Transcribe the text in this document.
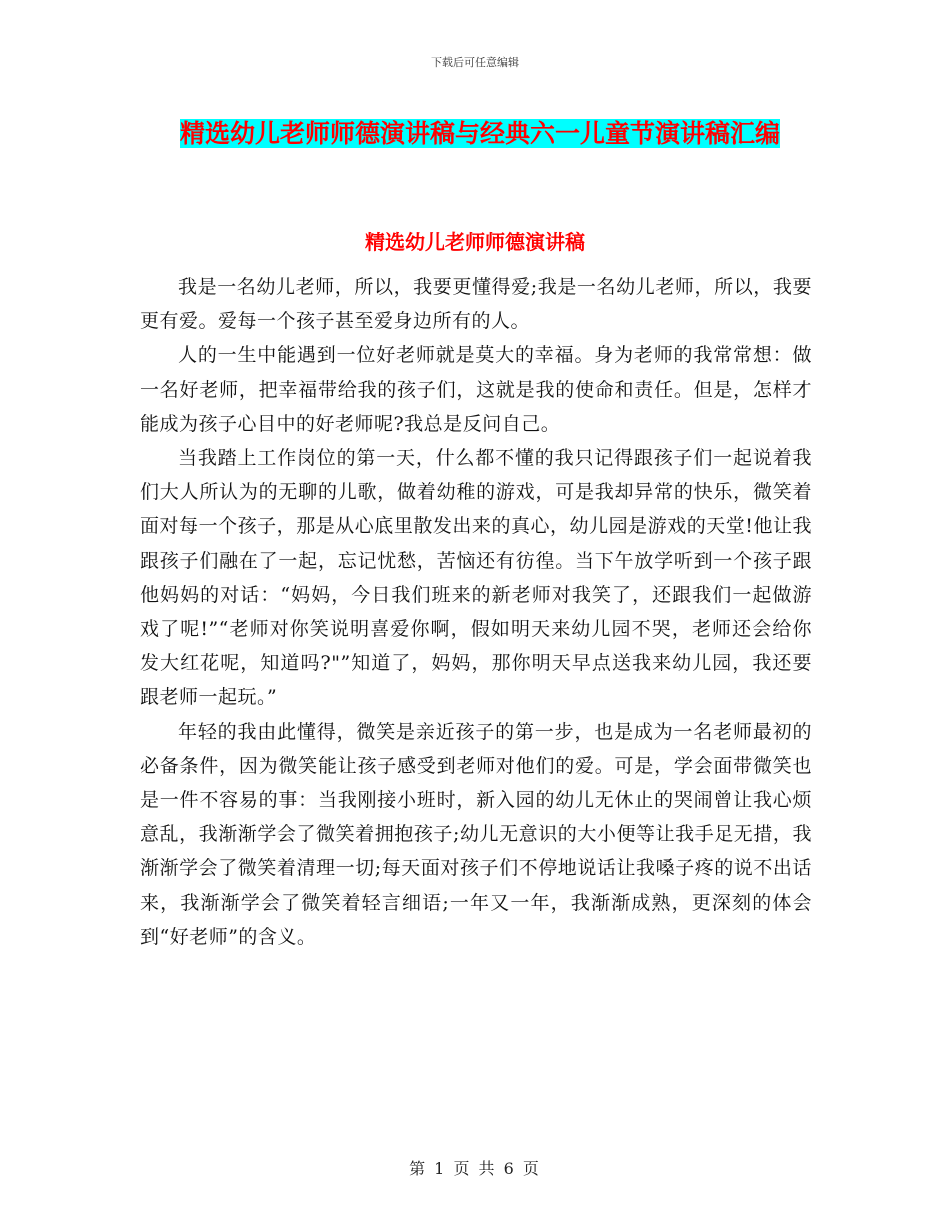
下载后可任意编辑
精选幼儿老师师德演讲稿与经典六一儿童节演讲稿汇编
精选幼儿老师师德演讲稿

我是一名幼儿老师，所以，我要更懂得爱;我是一名幼儿老师，所以，我要更有爱。爱每一个孩子甚至爱身边所有的人。

人的一生中能遇到一位好老师就是莫大的幸福。身为老师的我常常想：做一名好老师，把幸福带给我的孩子们，这就是我的使命和责任。但是，怎样才能成为孩子心目中的好老师呢?我总是反问自己。

当我踏上工作岗位的第一天，什么都不懂的我只记得跟孩子们一起说着我们大人所认为的无聊的儿歌，做着幼稚的游戏，可是我却异常的快乐，微笑着面对每一个孩子，那是从心底里散发出来的真心，幼儿园是游戏的天堂!他让我跟孩子们融在了一起，忘记忧愁，苦恼还有彷徨。当下午放学听到一个孩子跟他妈妈的对话：“妈妈，今日我们班来的新老师对我笑了，还跟我们一起做游戏了呢!”“老师对你笑说明喜爱你啊，假如明天来幼儿园不哭，老师还会给你发大红花呢，知道吗?"”知道了，妈妈，那你明天早点送我来幼儿园，我还要跟老师一起玩。”

年轻的我由此懂得，微笑是亲近孩子的第一步，也是成为一名老师最初的必备条件，因为微笑能让孩子感受到老师对他们的爱。可是，学会面带微笑也是一件不容易的事：当我刚接小班时，新入园的幼儿无休止的哭闹曾让我心烦意乱，我渐渐学会了微笑着拥抱孩子;幼儿无意识的大小便等让我手足无措，我渐渐学会了微笑着清理一切;每天面对孩子们不停地说话让我嗓子疼的说不出话来，我渐渐学会了微笑着轻言细语;一年又一年，我渐渐成熟，更深刻的体会到“好老师”的含义。

第 1 页 共 6 页
